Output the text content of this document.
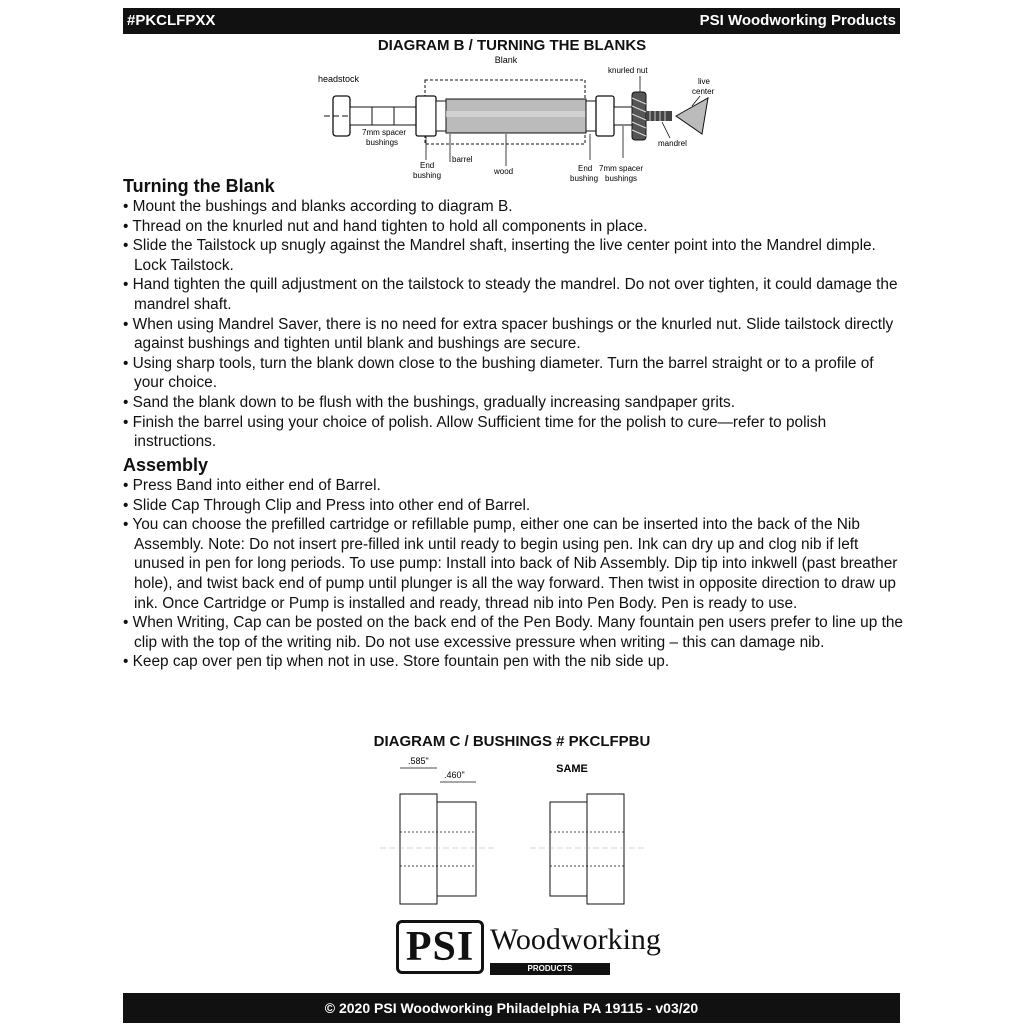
#PKCLFPXX	PSI Woodworking Products
DIAGRAM B / TURNING THE BLANKS
Blank
headstock
7mm spacer
bushings
knurled nut
mandrel
live
center
End
bushing
barrel
wood	End
bushing
7mm spacer
bushings
Turning the Blank
• Mount the bushings and blanks according to diagram B.
• Thread on the knurled nut and hand tighten to hold all components in place.
• Slide the Tailstock up snugly against the Mandrel shaft, inserting the live center point into the Mandrel dimple. Lock Tailstock.
• Hand tighten the quill adjustment on the tailstock to steady the mandrel. Do not over tighten, it could damage the mandrel shaft.
• When using Mandrel Saver, there is no need for extra spacer bushings or the knurled nut. Slide tailstock directly against bushings and tighten until blank and bushings are secure.
• Using sharp tools, turn the blank down close to the bushing diameter. Turn the barrel straight or to a profile of your choice.
• Sand the blank down to be flush with the bushings, gradually increasing sandpaper grits.
• Finish the barrel using your choice of polish. Allow Sufficient time for the polish to cure—refer to polish instructions.
Assembly
• Press Band into either end of Barrel.
• Slide Cap Through Clip and Press into other end of Barrel.
• You can choose the prefilled cartridge or refillable pump, either one can be inserted into the back of the Nib Assembly. Note: Do not insert pre-filled ink until ready to begin using pen. Ink can dry up and clog nib if left unused in pen for long periods. To use pump: Install into back of Nib Assembly. Dip tip into inkwell (past breather hole), and twist back end of pump until plunger is all the way forward. Then twist in opposite direction to draw up ink. Once Cartridge or Pump is installed and ready, thread nib into Pen Body. Pen is ready to use.
• When Writing, Cap can be posted on the back end of the Pen Body. Many fountain pen users prefer to line up the clip with the top of the writing nib. Do not use excessive pressure when writing – this can damage nib.
• Keep cap over pen tip when not in use. Store fountain pen with the nib side up.
DIAGRAM C / BUSHINGS # PKCLFPBU
.585"
.460"	SAME
PSI Woodworking
PRODUCTS
© 2020 PSI Woodworking Philadelphia PA 19115 - v03/20
